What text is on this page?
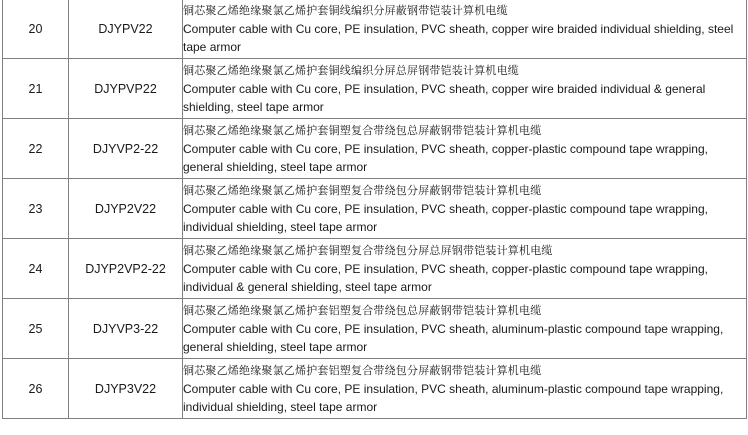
20	DJYPV22	铜芯聚乙烯绝缘聚氯乙烯护套铜线编织分屏蔽钢带铠装计算机电缆
Computer cable with Cu core, PE insulation, PVC sheath, copper wire braided individual shielding, steel tape armor

21	DJYPVP22	铜芯聚乙烯绝缘聚氯乙烯护套铜线编织分屏总屏钢带铠装计算机电缆
Computer cable with Cu core, PE insulation, PVC sheath, copper wire braided individual & general shielding, steel tape armor

22	DJYVP2-22	铜芯聚乙烯绝缘聚氯乙烯护套铜塑复合带绕包总屏蔽钢带铠装计算机电缆
Computer cable with Cu core, PE insulation, PVC sheath, copper-plastic compound tape wrapping, general shielding, steel tape armor

23	DJYP2V22	铜芯聚乙烯绝缘聚氯乙烯护套铜塑复合带绕包分屏蔽钢带铠装计算机电缆
Computer cable with Cu core, PE insulation, PVC sheath, copper-plastic compound tape wrapping, individual shielding, steel tape armor

24	DJYP2VP2-22	铜芯聚乙烯绝缘聚氯乙烯护套铜塑复合带绕包分屏总屏钢带铠装计算机电缆
Computer cable with Cu core, PE insulation, PVC sheath, copper-plastic compound tape wrapping, individual & general shielding, steel tape armor

25	DJYVP3-22	铜芯聚乙烯绝缘聚氯乙烯护套铝塑复合带绕包总屏蔽钢带铠装计算机电缆
Computer cable with Cu core, PE insulation, PVC sheath, aluminum-plastic compound tape wrapping, general shielding, steel tape armor

26	DJYP3V22	铜芯聚乙烯绝缘聚氯乙烯护套铝塑复合带绕包分屏蔽钢带铠装计算机电缆
Computer cable with Cu core, PE insulation, PVC sheath, aluminum-plastic compound tape wrapping, individual shielding, steel tape armor
